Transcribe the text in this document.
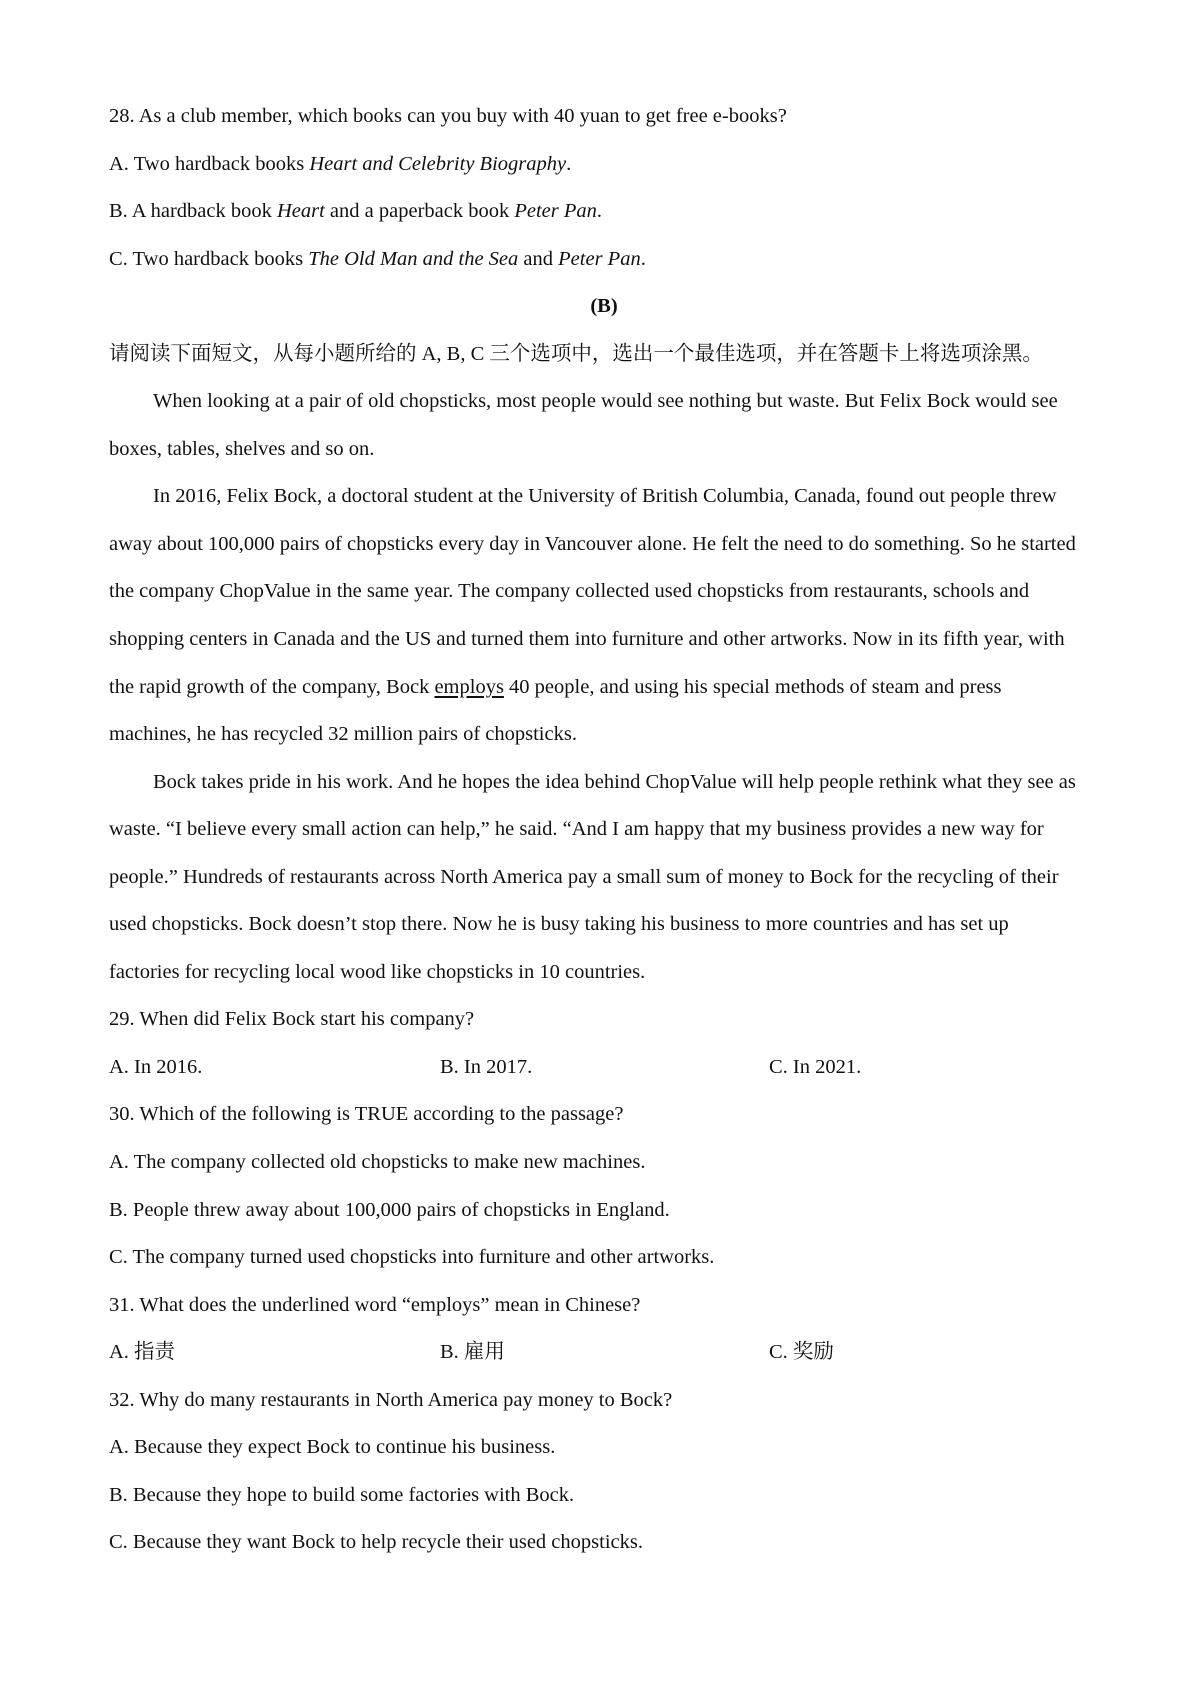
28. As a club member, which books can you buy with 40 yuan to get free e-books?
A. Two hardback books Heart and Celebrity Biography.
B. A hardback book Heart and a paperback book Peter Pan.
C. Two hardback books The Old Man and the Sea and Peter Pan.
(B)
请阅读下面短文，从每小题所给的 A, B, C 三个选项中，选出一个最佳选项，并在答题卡上将选项涂黑。
When looking at a pair of old chopsticks, most people would see nothing but waste. But Felix Bock would see
boxes, tables, shelves and so on.
In 2016, Felix Bock, a doctoral student at the University of British Columbia, Canada, found out people threw
away about 100,000 pairs of chopsticks every day in Vancouver alone. He felt the need to do something. So he started
the company ChopValue in the same year. The company collected used chopsticks from restaurants, schools and
shopping centers in Canada and the US and turned them into furniture and other artworks. Now in its fifth year, with
the rapid growth of the company, Bock employs 40 people, and using his special methods of steam and press
machines, he has recycled 32 million pairs of chopsticks.
Bock takes pride in his work. And he hopes the idea behind ChopValue will help people rethink what they see as
waste. “I believe every small action can help,” he said. “And I am happy that my business provides a new way for
people.” Hundreds of restaurants across North America pay a small sum of money to Bock for the recycling of their
used chopsticks. Bock doesn’t stop there. Now he is busy taking his business to more countries and has set up
factories for recycling local wood like chopsticks in 10 countries.
29. When did Felix Bock start his company?
A. In 2016.	B. In 2017.	C. In 2021.
30. Which of the following is TRUE according to the passage?
A. The company collected old chopsticks to make new machines.
B. People threw away about 100,000 pairs of chopsticks in England.
C. The company turned used chopsticks into furniture and other artworks.
31. What does the underlined word “employs” mean in Chinese?
A. 指责	B. 雇用	C. 奖励
32. Why do many restaurants in North America pay money to Bock?
A. Because they expect Bock to continue his business.
B. Because they hope to build some factories with Bock.
C. Because they want Bock to help recycle their used chopsticks.
